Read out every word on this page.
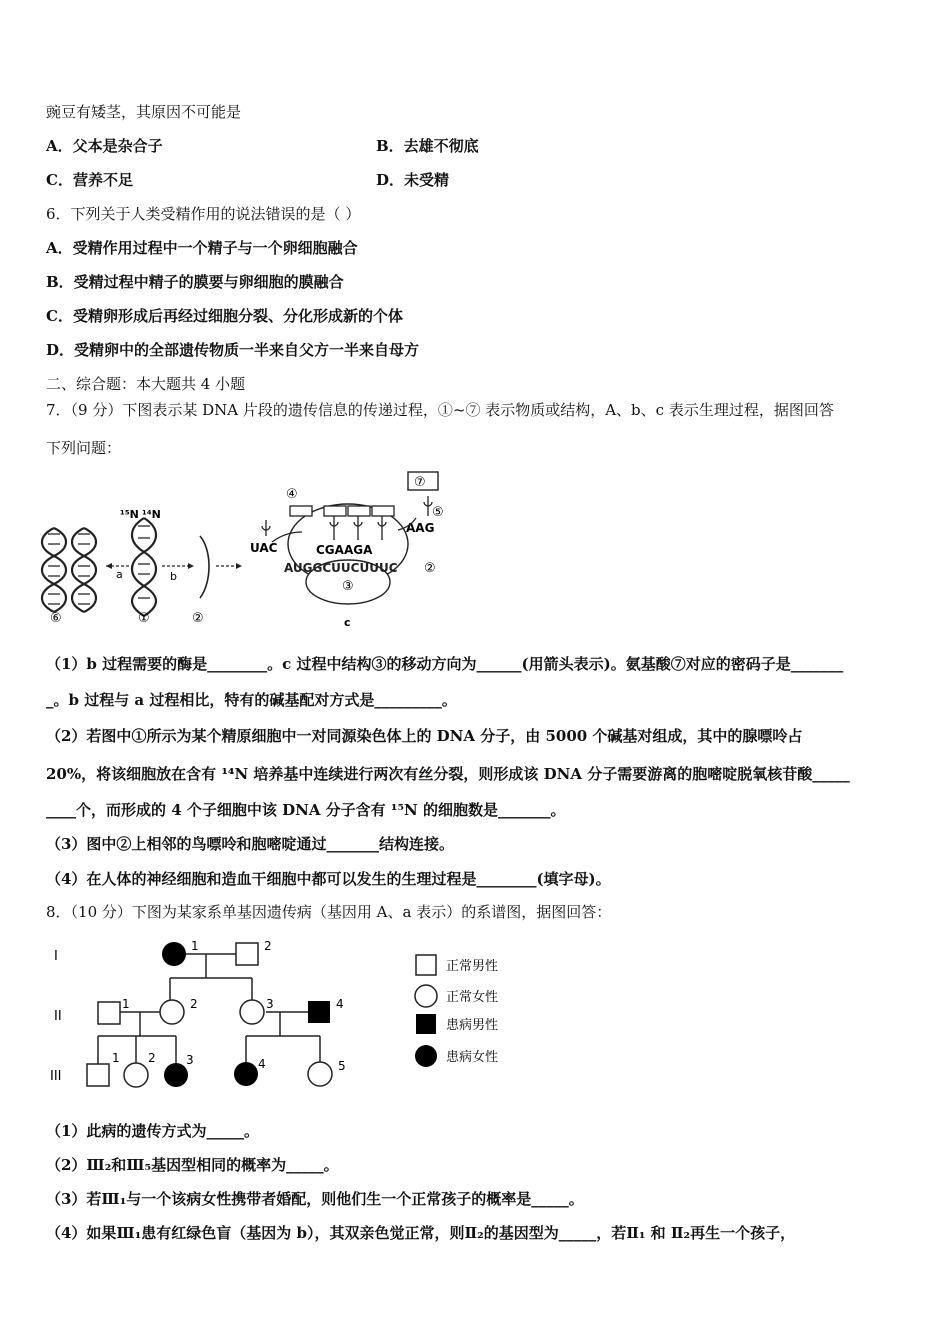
豌豆有矮茎，其原因不可能是
A．父本是杂合子	B．去雄不彻底
C．营养不足	D．未受精
6．下列关于人类受精作用的说法错误的是（ ）
A．受精作用过程中一个精子与一个卵细胞融合
B．受精过程中精子的膜要与卵细胞的膜融合
C．受精卵形成后再经过细胞分裂、分化形成新的个体
D．受精卵中的全部遗传物质一半来自父方一半来自母方
二、综合题：本大题共 4 小题
7．（9 分）下图表示某 DNA 片段的遗传信息的传递过程，①~⑦ 表示物质或结构，A、b、c 表示生理过程，据图回答
下列问题：
¹⁵N ¹⁴N
a	b
⑥	①	②
③
c
AUGGCUUCUUUC ②
CGAAGA
④
UAC
⑦
⑤
AAG
（1）b 过程需要的酶是________。c 过程中结构③的移动方向为______(用箭头表示)。氨基酸⑦对应的密码子是_______
_。b 过程与 a 过程相比，特有的碱基配对方式是_________。
（2）若图中①所示为某个精原细胞中一对同源染色体上的 DNA 分子，由 5000 个碱基对组成，其中的腺嘌呤占
20%，将该细胞放在含有 ¹⁴N 培养基中连续进行两次有丝分裂，则形成该 DNA 分子需要游离的胞嘧啶脱氧核苷酸_____
____个，而形成的 4 个子细胞中该 DNA 分子含有 ¹⁵N 的细胞数是_______。
（3）图中②上相邻的鸟嘌呤和胞嘧啶通过_______结构连接。
（4）在人体的神经细胞和造血干细胞中都可以发生的生理过程是________(填字母)。
8．（10 分）下图为某家系单基因遗传病（基因用 A、a 表示）的系谱图，据图回答：
I
II
III
1	2
1	2	3	4
1 2	3	4	5
正常男性
正常女性
患病男性
患病女性
（1）此病的遗传方式为_____。
（2）Ⅲ₂和Ⅲ₅基因型相同的概率为_____。
（3）若Ⅲ₁与一个该病女性携带者婚配，则他们生一个正常孩子的概率是_____。
（4）如果Ⅲ₁患有红绿色盲（基因为 b），其双亲色觉正常，则Ⅱ₂的基因型为_____，若Ⅱ₁ 和 Ⅱ₂再生一个孩子，
